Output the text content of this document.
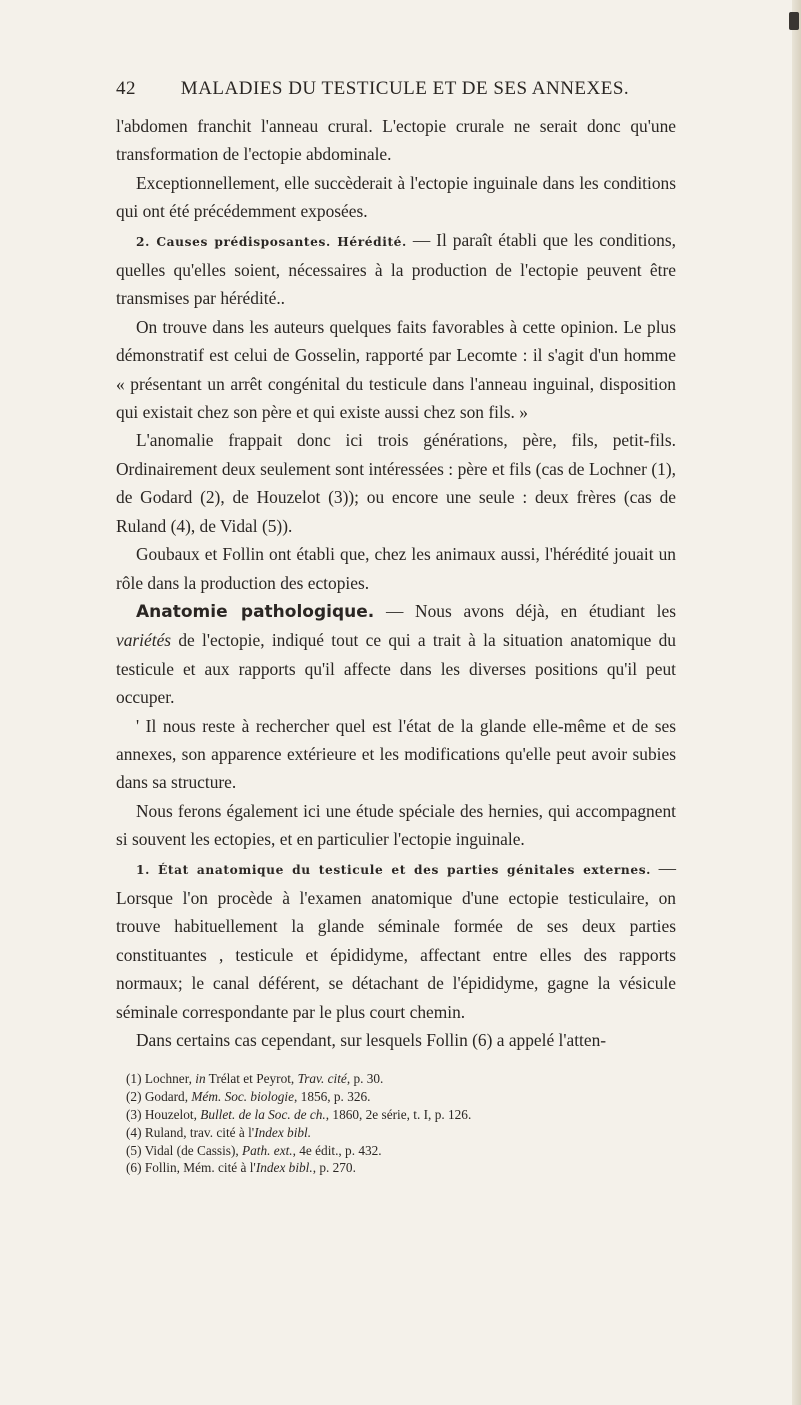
42	MALADIES DU TESTICULE ET DE SES ANNEXES.

l'abdomen franchit l'anneau crural. L'ectopie crurale ne serait donc qu'une transformation de l'ectopie abdominale.

Exceptionnellement, elle succèderait à l'ectopie inguinale dans les conditions qui ont été précédemment exposées.

2. Causes prédisposantes. Hérédité. — Il paraît établi que les conditions, quelles qu'elles soient, nécessaires à la production de l'ectopie peuvent être transmises par hérédité..

On trouve dans les auteurs quelques faits favorables à cette opinion. Le plus démonstratif est celui de Gosselin, rapporté par Lecomte : il s'agit d'un homme « présentant un arrêt congénital du testicule dans l'anneau inguinal, disposition qui existait chez son père et qui existe aussi chez son fils. »

L'anomalie frappait donc ici trois générations, père, fils, petit-fils. Ordinairement deux seulement sont intéressées : père et fils (cas de Lochner (1), de Godard (2), de Houzelot (3)); ou encore une seule : deux frères (cas de Ruland (4), de Vidal (5)).

Goubaux et Follin ont établi que, chez les animaux aussi, l'hérédité jouait un rôle dans la production des ectopies.

Anatomie pathologique. — Nous avons déjà, en étudiant les variétés de l'ectopie, indiqué tout ce qui a trait à la situation anatomique du testicule et aux rapports qu'il affecte dans les diverses positions qu'il peut occuper.

' Il nous reste à rechercher quel est l'état de la glande elle-même et de ses annexes, son apparence extérieure et les modifications qu'elle peut avoir subies dans sa structure.

Nous ferons également ici une étude spéciale des hernies, qui accompagnent si souvent les ectopies, et en particulier l'ectopie inguinale.

1. État anatomique du testicule et des parties génitales externes. — Lorsque l'on procède à l'examen anatomique d'une ectopie testiculaire, on trouve habituellement la glande séminale formée de ses deux parties constituantes , testicule et épididyme, affectant entre elles des rapports normaux; le canal déférent, se détachant de l'épididyme, gagne la vésicule séminale correspondante par le plus court chemin.

Dans certains cas cependant, sur lesquels Follin (6) a appelé l'atten-

(1) Lochner, in Trélat et Peyrot, Trav. cité, p. 30.
(2) Godard, Mém. Soc. biologie, 1856, p. 326.
(3) Houzelot, Bullet. de la Soc. de ch., 1860, 2e série, t. I, p. 126.
(4) Ruland, trav. cité à l'Index bibl.
(5) Vidal (de Cassis), Path. ext., 4e édit., p. 432.
(6) Follin, Mém. cité à l'Index bibl., p. 270.
